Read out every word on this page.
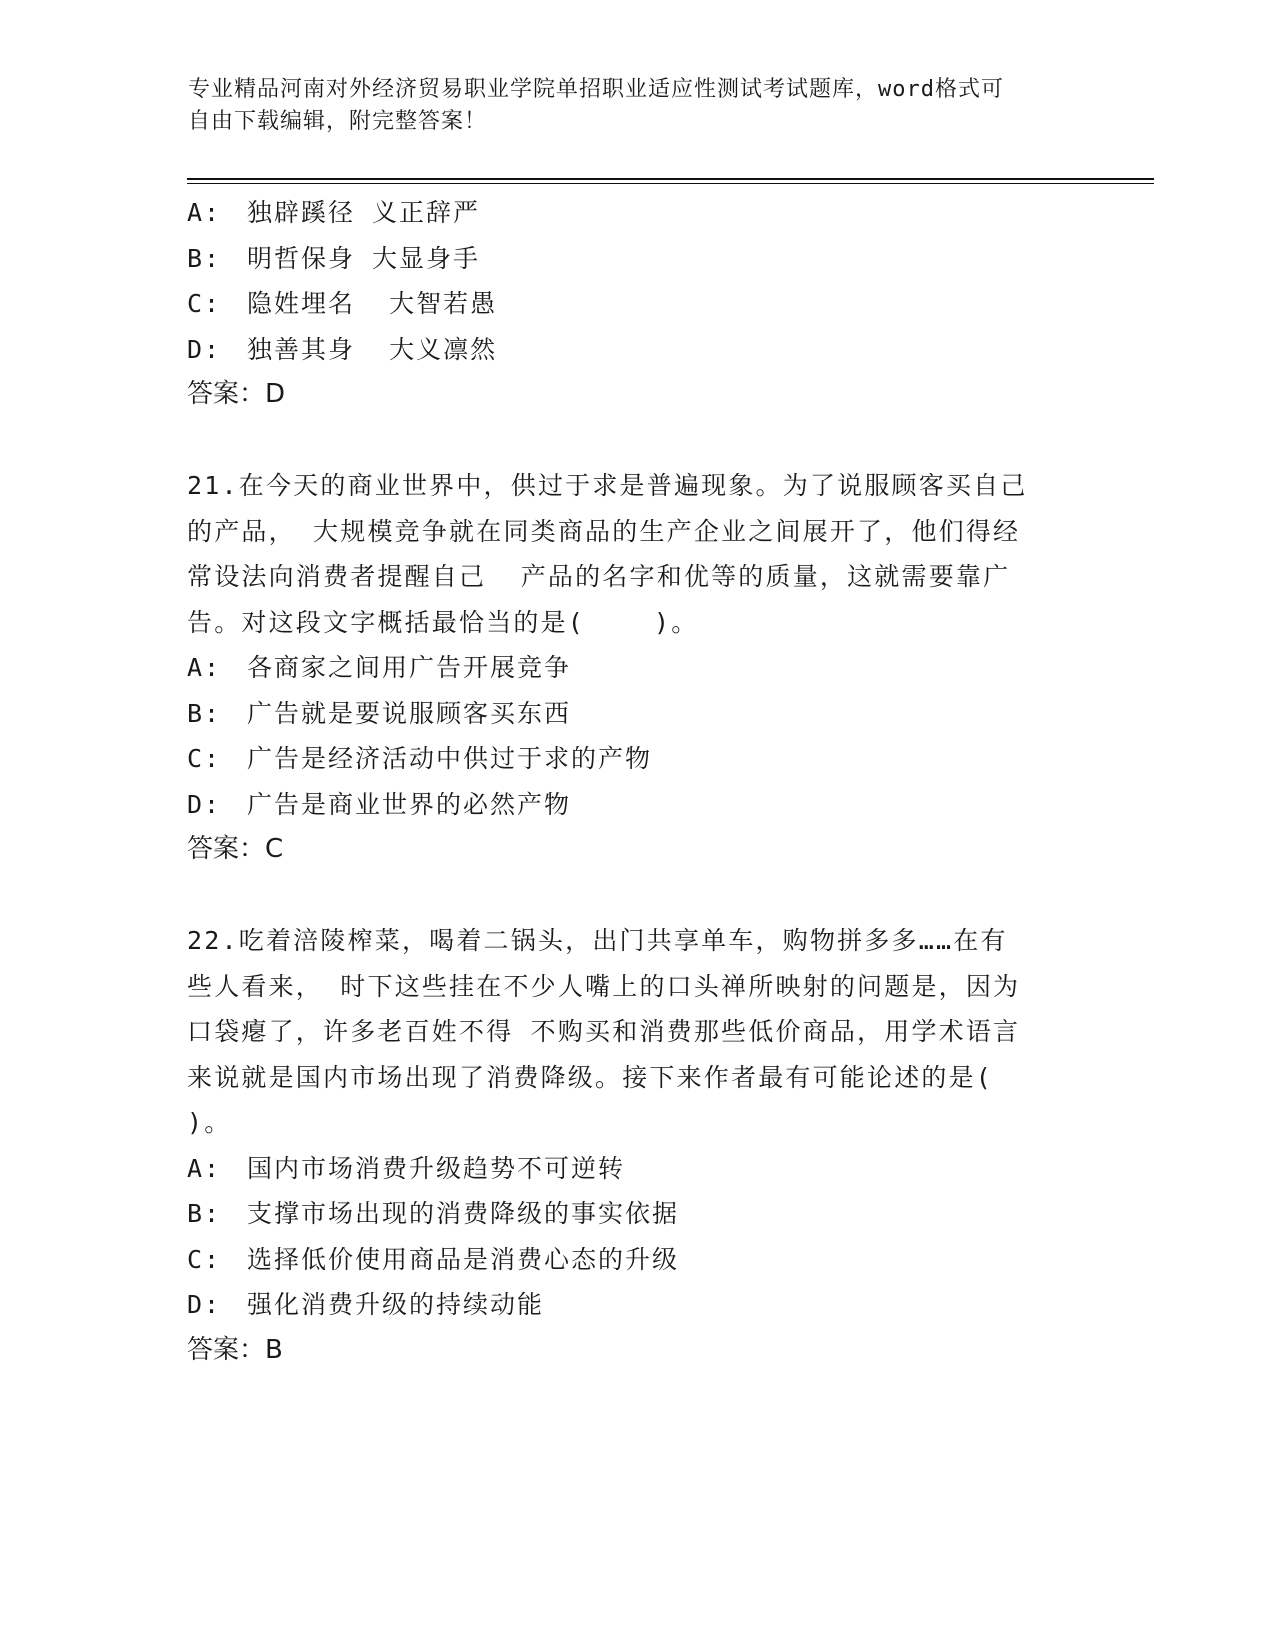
专业精品河南对外经济贸易职业学院单招职业适应性测试考试题库，word格式可
自由下载编辑，附完整答案！
A: 独辟蹊径 义正辞严
B: 明哲保身 大显身手
C: 隐姓埋名  大智若愚
D: 独善其身  大义凛然
答案：D
21.在今天的商业世界中，供过于求是普遍现象。为了说服顾客买自己
的产品， 大规模竞争就在同类商品的生产企业之间展开了，他们得经
常设法向消费者提醒自己  产品的名字和优等的质量，这就需要靠广
告。对这段文字概括最恰当的是(    )。
A: 各商家之间用广告开展竞争
B: 广告就是要说服顾客买东西
C: 广告是经济活动中供过于求的产物
D: 广告是商业世界的必然产物
答案：C
22.吃着涪陵榨菜，喝着二锅头，出门共享单车，购物拼多多……在有
些人看来， 时下这些挂在不少人嘴上的口头禅所映射的问题是，因为
口袋瘪了，许多老百姓不得 不购买和消费那些低价商品，用学术语言
来说就是国内市场出现了消费降级。接下来作者最有可能论述的是(
)。
A: 国内市场消费升级趋势不可逆转
B: 支撑市场出现的消费降级的事实依据
C: 选择低价使用商品是消费心态的升级
D: 强化消费升级的持续动能
答案：B
